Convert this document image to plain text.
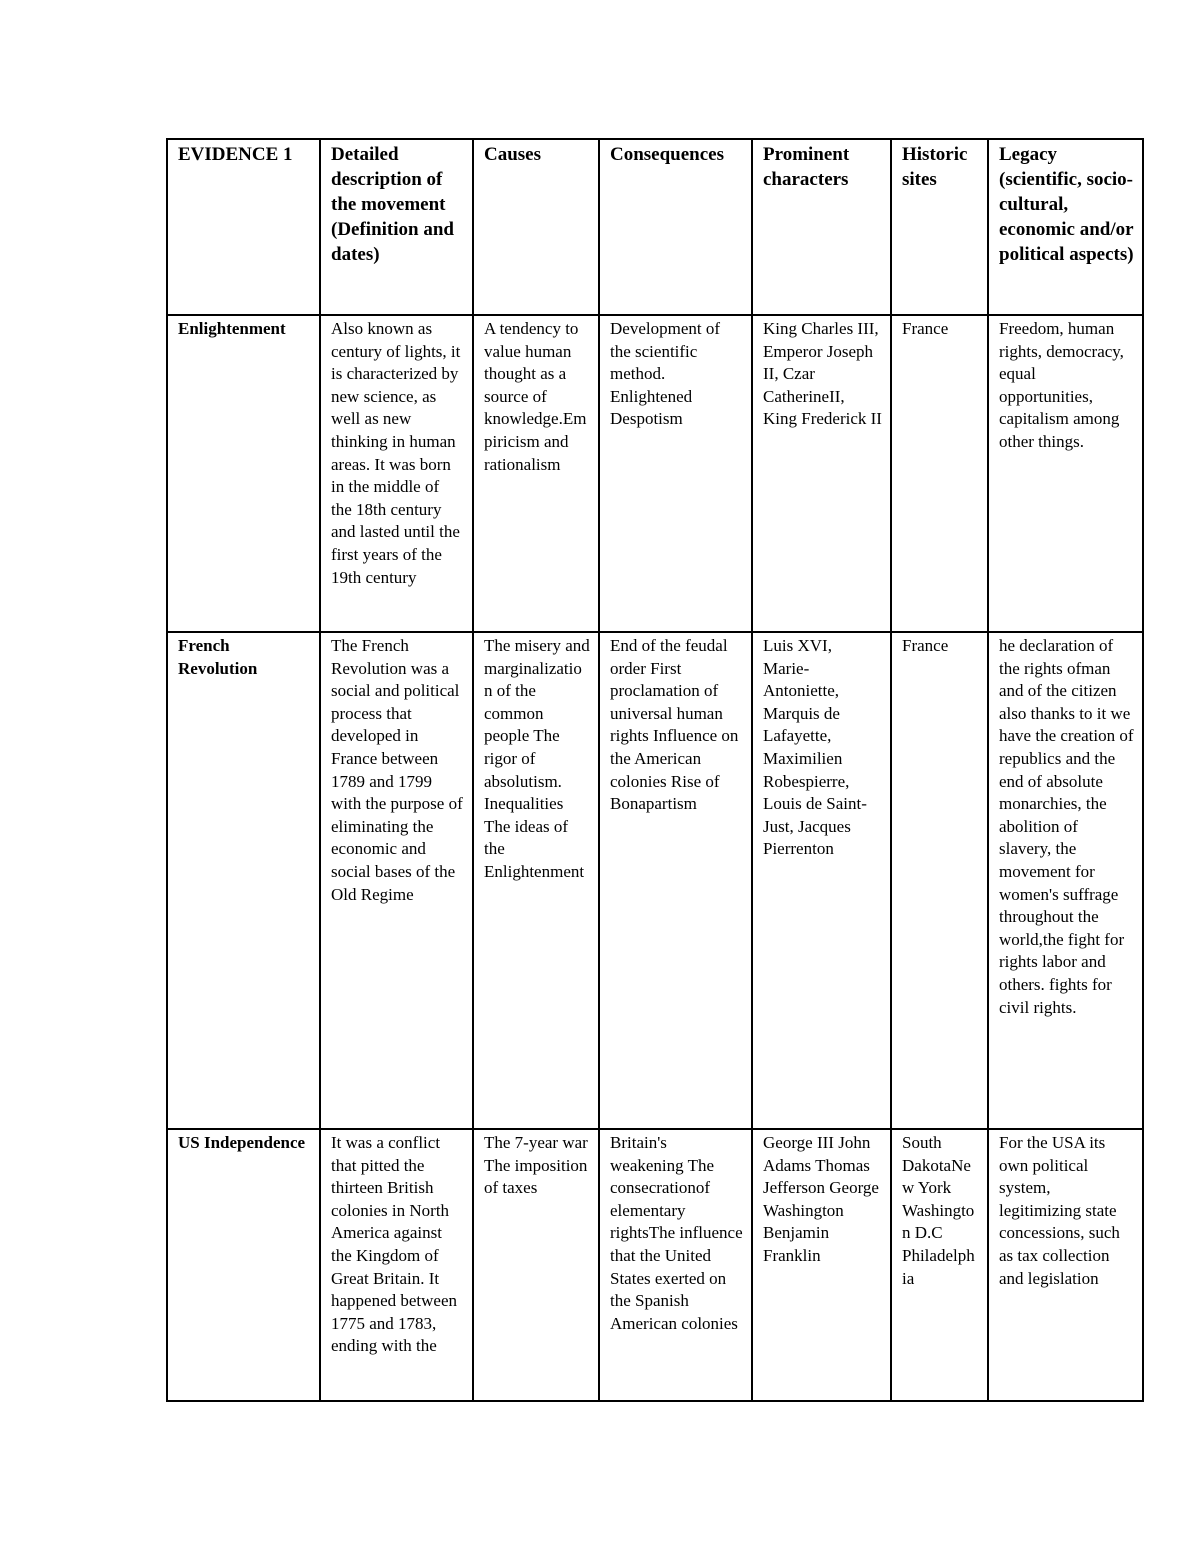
EVIDENCE 1	Detailed description of the movement (Definition and dates)	Causes	Consequences	Prominent characters	Historic sites	Legacy (scientific, socio-cultural, economic and/or political aspects)
Enlightenment	Also known as century of lights, it is characterized by new science, as well as new thinking in human areas. It was born in the middle of the 18th century and lasted until the first years of the 19th century	A tendency to value human thought as a source of knowledge.Empiricism and rationalism	Development of the scientific method. Enlightened Despotism	King Charles III, Emperor Joseph II, Czar CatherineII, King Frederick II	France	Freedom, human rights, democracy, equal opportunities, capitalism among other things.
French Revolution	The French Revolution was a social and political process that developed in France between 1789 and 1799 with the purpose of eliminating the economic and social bases of the Old Regime	The misery and marginalization of the common people The rigor of absolutism. Inequalities The ideas of the Enlightenment	End of the feudal order First proclamation of universal human rights Influence on the American colonies Rise of Bonapartism	Luis XVI, Marie-Antoniette, Marquis de Lafayette, Maximilien Robespierre, Louis de Saint-Just, Jacques Pierrenton	France	he declaration of the rights ofman and of the citizen also thanks to it we have the creation of republics and the end of absolute monarchies, the abolition of slavery, the movement for women's suffrage throughout the world,the fight for rights labor and others. fights for civil rights.
US Independence	It was a conflict that pitted the thirteen British colonies in North America against the Kingdom of Great Britain. It happened between 1775 and 1783, ending with the	The 7-year war The imposition of taxes	Britain's weakening The consecrationof elementary rightsThe influence that the United States exerted on the Spanish American colonies	George III John Adams Thomas Jefferson George Washington Benjamin Franklin	South DakotaNew York Washington D.C Philadelphia	For the USA its own political system, legitimizing state concessions, such as tax collection and legislation
